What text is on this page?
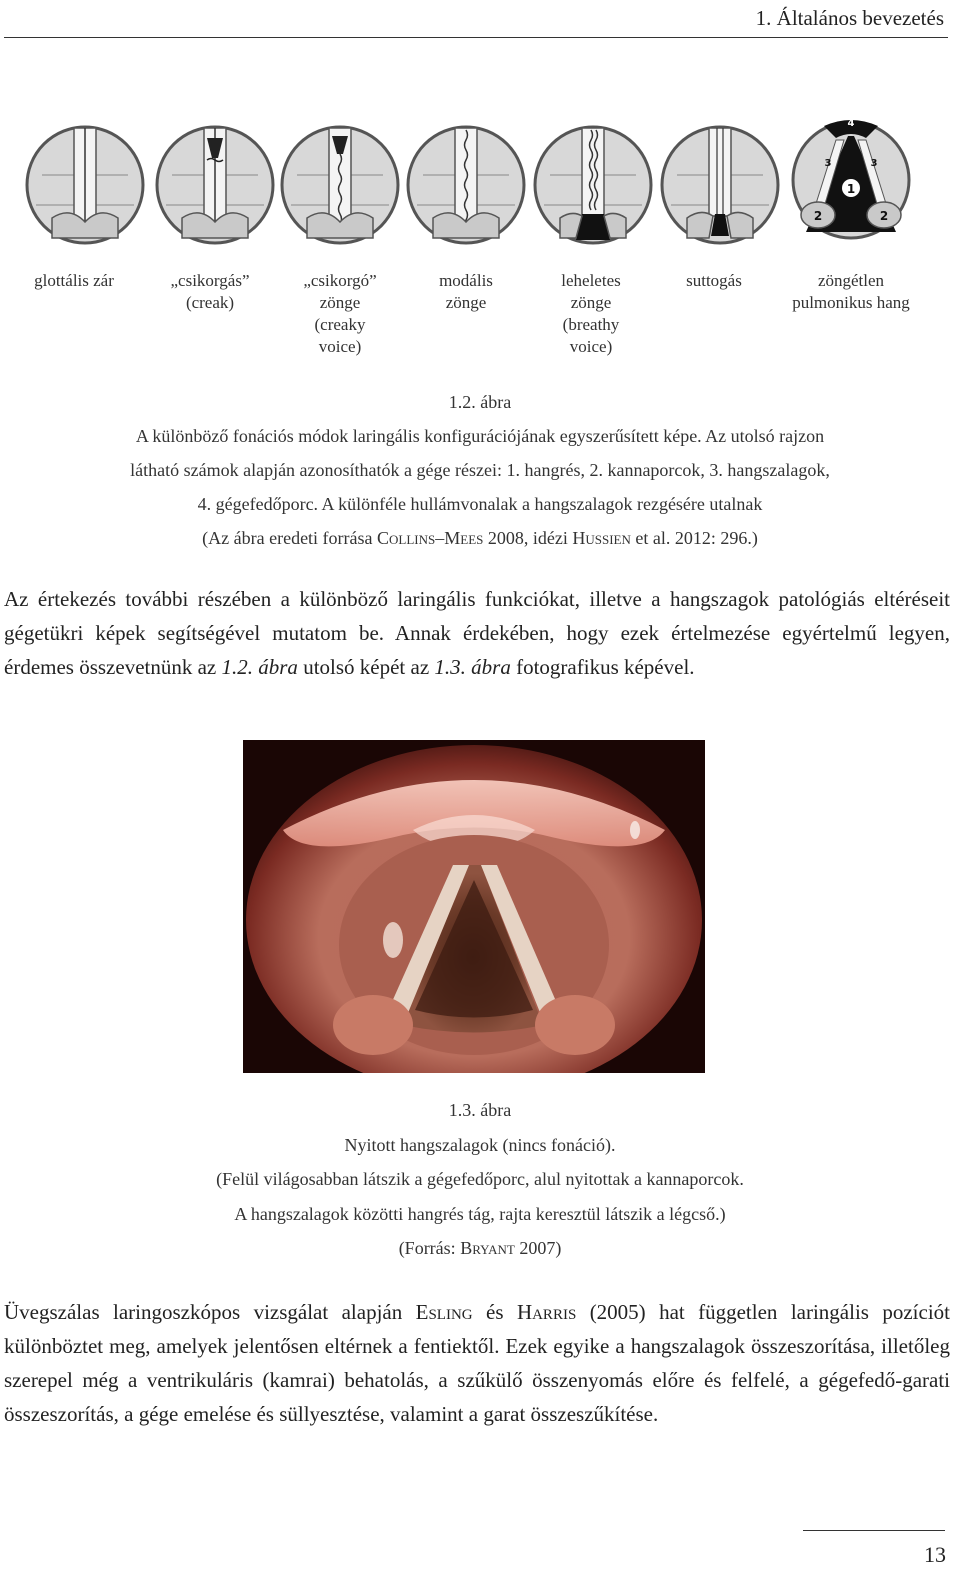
1. Általános bevezetés
1
2	2
3	3
4
glottális zár	„csikorgás”
(creak)
„csikorgó”
zönge
(creaky
voice)
modális
zönge
leheletes
zönge
(breathy
voice)
suttogás	zöngétlen
pulmonikus hang
1.2. ábra
A különböző fonációs módok laringális konfigurációjának egyszerűsített képe. Az utolsó rajzon
látható számok alapján azonosíthatók a gége részei: 1. hangrés, 2. kannaporcok, 3. hangszalagok,
4. gégefedőporc. A különféle hullámvonalak a hangszalagok rezgésére utalnak
(Az ábra eredeti forrása Collins–Mees 2008, idézi Hussien et al. 2012: 296.)
Az értekezés további részében a különböző laringális funkciókat, illetve a hangszagok patológiás eltéréseit gégetükri képek segítségével mutatom be. Annak érdekében, hogy ezek értelmezése egyértelmű legyen, érdemes összevetnünk az 1.2. ábra utolsó képét az 1.3. ábra fotografikus képével.
1.3. ábra
Nyitott hangszalagok (nincs fonáció).
(Felül világosabban látszik a gégefedőporc, alul nyitottak a kannaporcok.
A hangszalagok közötti hangrés tág, rajta keresztül látszik a légcső.)
(Forrás: Bryant 2007)
Üvegszálas laringoszkópos vizsgálat alapján Esling és Harris (2005) hat független laringális pozíciót különböztet meg, amelyek jelentősen eltérnek a fentiektől. Ezek egyike a hangszalagok összeszorítása, illetőleg szerepel még a ventrikuláris (kamrai) behatolás, a szűkülő összenyomás előre és felfelé, a gégefedő-garati összeszorítás, a gége emelése és süllyesztése, valamint a garat összeszűkítése.
13
